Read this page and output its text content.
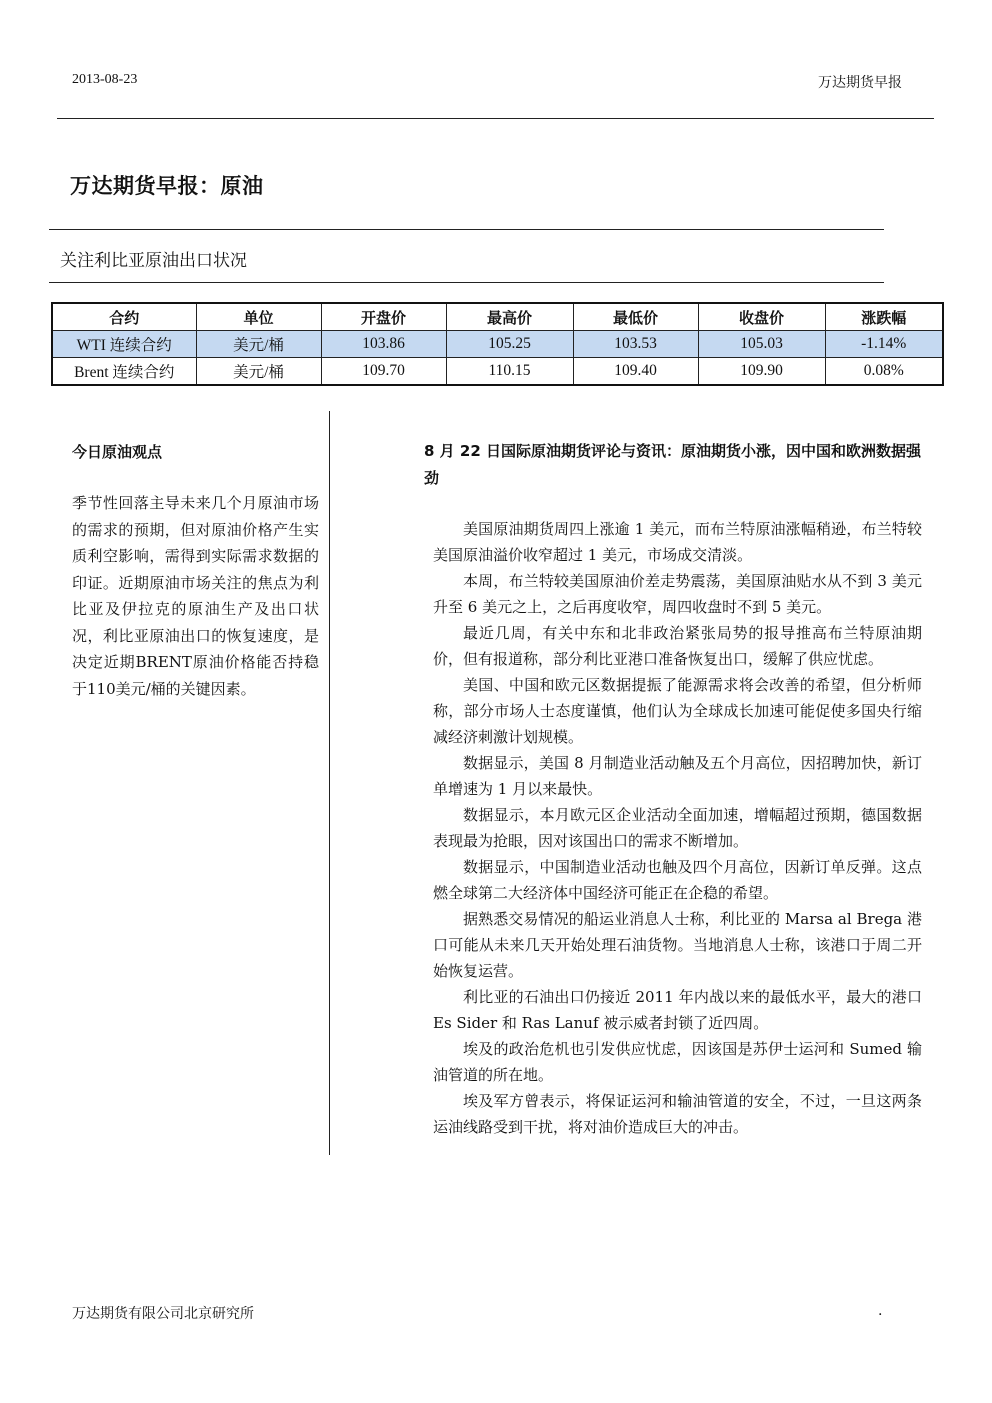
2013-08-23	万达期货早报
万达期货早报：原油
关注利比亚原油出口状况
合约	单位	开盘价	最高价	最低价	收盘价	涨跌幅
WTI 连续合约	美元/桶	103.86	105.25	103.53	105.03	-1.14%
Brent 连续合约	美元/桶	109.70	110.15	109.40	109.90	0.08%
今日原油观点
季节性回落主导未来几个月原油市场的需求的预期，但对原油价格产生实质利空影响，需得到实际需求数据的印证。近期原油市场关注的焦点为利比亚及伊拉克的原油生产及出口状况，利比亚原油出口的恢复速度，是决定近期BRENT原油价格能否持稳于110美元/桶的关键因素。
8 月 22 日国际原油期货评论与资讯：原油期货小涨，因中国和欧洲数据强劲

美国原油期货周四上涨逾 1 美元，而布兰特原油涨幅稍逊，布兰特较美国原油溢价收窄超过 1 美元，市场成交清淡。

本周，布兰特较美国原油价差走势震荡，美国原油贴水从不到 3 美元升至 6 美元之上，之后再度收窄，周四收盘时不到 5 美元。

最近几周，有关中东和北非政治紧张局势的报导推高布兰特原油期价，但有报道称，部分利比亚港口准备恢复出口，缓解了供应忧虑。

美国、中国和欧元区数据提振了能源需求将会改善的希望，但分析师称，部分市场人士态度谨慎，他们认为全球成长加速可能促使多国央行缩减经济刺激计划规模。

数据显示，美国 8 月制造业活动触及五个月高位，因招聘加快，新订单增速为 1 月以来最快。

数据显示，本月欧元区企业活动全面加速，增幅超过预期，德国数据表现最为抢眼，因对该国出口的需求不断增加。

数据显示，中国制造业活动也触及四个月高位，因新订单反弹。这点燃全球第二大经济体中国经济可能正在企稳的希望。

据熟悉交易情况的船运业消息人士称，利比亚的 Marsa al Brega 港口可能从未来几天开始处理石油货物。当地消息人士称，该港口于周二开始恢复运营。

利比亚的石油出口仍接近 2011 年内战以来的最低水平，最大的港口 Es Sider 和 Ras Lanuf 被示威者封锁了近四周。

埃及的政治危机也引发供应忧虑，因该国是苏伊士运河和 Sumed 输油管道的所在地。

埃及军方曾表示，将保证运河和输油管道的安全，不过，一旦这两条运油线路受到干扰，将对油价造成巨大的冲击。

万达期货有限公司北京研究所	.
